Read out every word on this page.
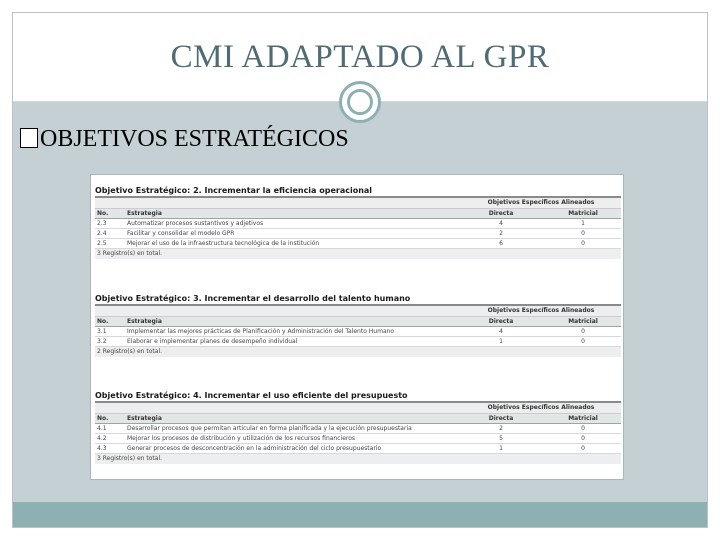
CMI ADAPTADO AL GPR
OBJETIVOS ESTRATÉGICOS
Objetivo Estratégico: 2. Incrementar la eficiencia operacional
Objetivos Específicos Alineados
No.	Estrategia	Directa	Matricial
2.3	Automatizar procesos sustantivos y adjetivos	4	1
2.4	Facilitar y consolidar el modelo GPR	2	0
2.5	Mejorar el uso de la infraestructura tecnológica de la institución	6	0
3 Registro(s) en total.
Objetivo Estratégico: 3. Incrementar el desarrollo del talento humano
Objetivos Específicos Alineados
No.	Estrategia	Directa	Matricial
3.1	Implementar las mejores prácticas de Planificación y Administración del Talento Humano	4	0
3.2	Elaborar e implementar planes de desempeño individual	1	0
2 Registro(s) en total.
Objetivo Estratégico: 4. Incrementar el uso eficiente del presupuesto
Objetivos Específicos Alineados
No.	Estrategia	Directa	Matricial
4.1	Desarrollar procesos que permitan articular en forma planificada y la ejecución presupuestaria	2	0
4.2	Mejorar los procesos de distribución y utilización de los recursos financieros	5	0
4.3	Generar procesos de desconcentración en la administración del ciclo presupuestario	1	0
3 Registro(s) en total.
